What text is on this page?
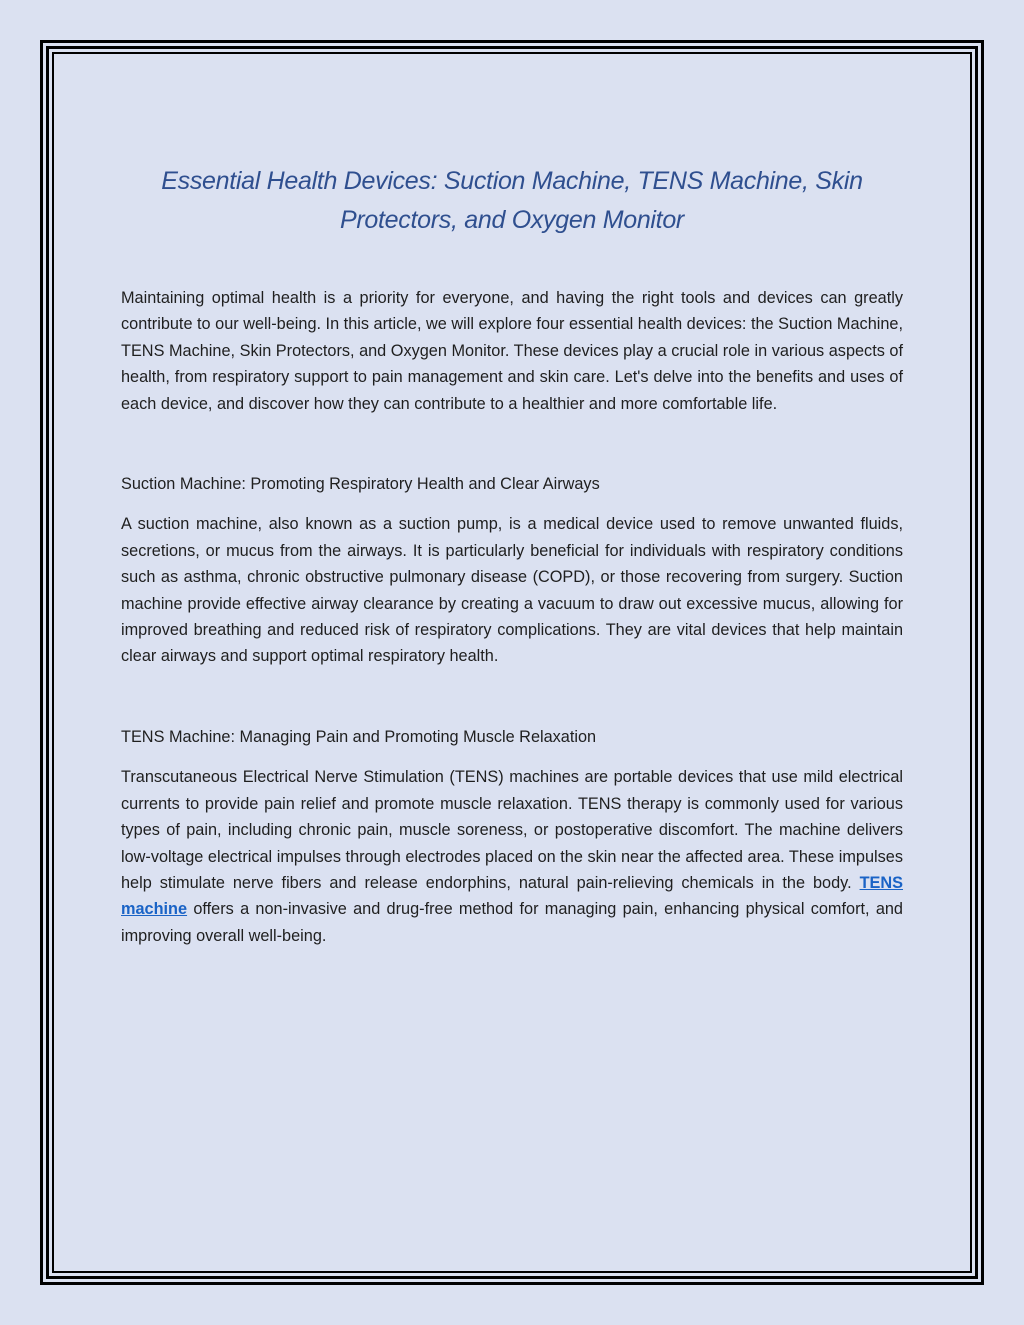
Essential Health Devices: Suction Machine, TENS Machine, Skin Protectors, and Oxygen Monitor

Maintaining optimal health is a priority for everyone, and having the right tools and devices can greatly contribute to our well-being. In this article, we will explore four essential health devices: the Suction Machine, TENS Machine, Skin Protectors, and Oxygen Monitor. These devices play a crucial role in various aspects of health, from respiratory support to pain management and skin care. Let's delve into the benefits and uses of each device, and discover how they can contribute to a healthier and more comfortable life.

Suction Machine: Promoting Respiratory Health and Clear Airways

A suction machine, also known as a suction pump, is a medical device used to remove unwanted fluids, secretions, or mucus from the airways. It is particularly beneficial for individuals with respiratory conditions such as asthma, chronic obstructive pulmonary disease (COPD), or those recovering from surgery. Suction machine provide effective airway clearance by creating a vacuum to draw out excessive mucus, allowing for improved breathing and reduced risk of respiratory complications. They are vital devices that help maintain clear airways and support optimal respiratory health.

TENS Machine: Managing Pain and Promoting Muscle Relaxation

Transcutaneous Electrical Nerve Stimulation (TENS) machines are portable devices that use mild electrical currents to provide pain relief and promote muscle relaxation. TENS therapy is commonly used for various types of pain, including chronic pain, muscle soreness, or postoperative discomfort. The machine delivers low-voltage electrical impulses through electrodes placed on the skin near the affected area. These impulses help stimulate nerve fibers and release endorphins, natural pain-relieving chemicals in the body. TENS machine offers a non-invasive and drug-free method for managing pain, enhancing physical comfort, and improving overall well-being.
